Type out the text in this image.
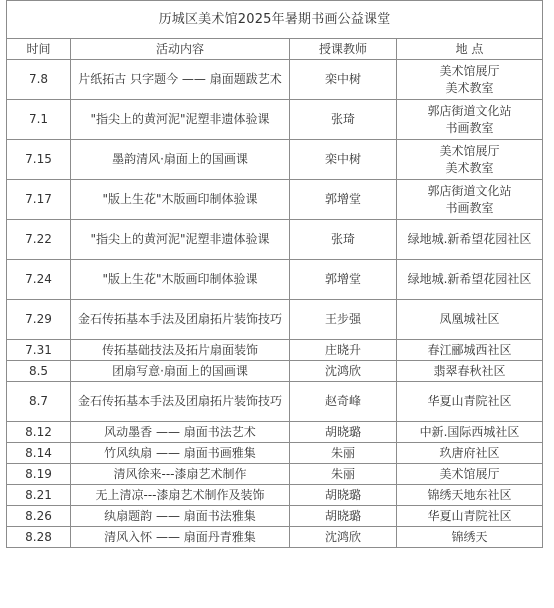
历城区美术馆2025年暑期书画公益课堂			
时间	活动内容	授课教师	地 点
7.8	片纸拓古 只字题今 —— 扇面题跋艺术	栾中树	美术馆展厅
美术教室
7.1	"指尖上的黄河泥"泥塑非遗体验课	张琦	郭店街道文化站
书画教室
7.15	墨韵清风·扇面上的国画课	栾中树	美术馆展厅
美术教室
7.17	"版上生花"木版画印制体验课	郭增堂	郭店街道文化站
书画教室
7.22	"指尖上的黄河泥"泥塑非遗体验课	张琦	绿地城.新希望花园社区
7.24	"版上生花"木版画印制体验课	郭增堂	绿地城.新希望花园社区
7.29	金石传拓基本手法及团扇拓片装饰技巧	王步强	凤凰城社区
7.31	传拓基础技法及拓片扇面装饰	庄晓升	春江郦城西社区
8.5	团扇写意·扇面上的国画课	沈鸿欣	翡翠春秋社区
8.7	金石传拓基本手法及团扇拓片装饰技巧	赵奇峰	华夏山青院社区
8.12	风动墨香 —— 扇面书法艺术	胡晓璐	中新.国际西城社区
8.14	竹风纨扇 —— 扇面书画雅集	朱丽	玖唐府社区
8.19	清风徐来---漆扇艺术制作	朱丽	美术馆展厅
8.21	无上清凉---漆扇艺术制作及装饰	胡晓璐	锦绣天地东社区
8.26	纨扇题韵 —— 扇面书法雅集	胡晓璐	华夏山青院社区
8.28	清风入怀 —— 扇面丹青雅集	沈鸿欣	锦绣天
